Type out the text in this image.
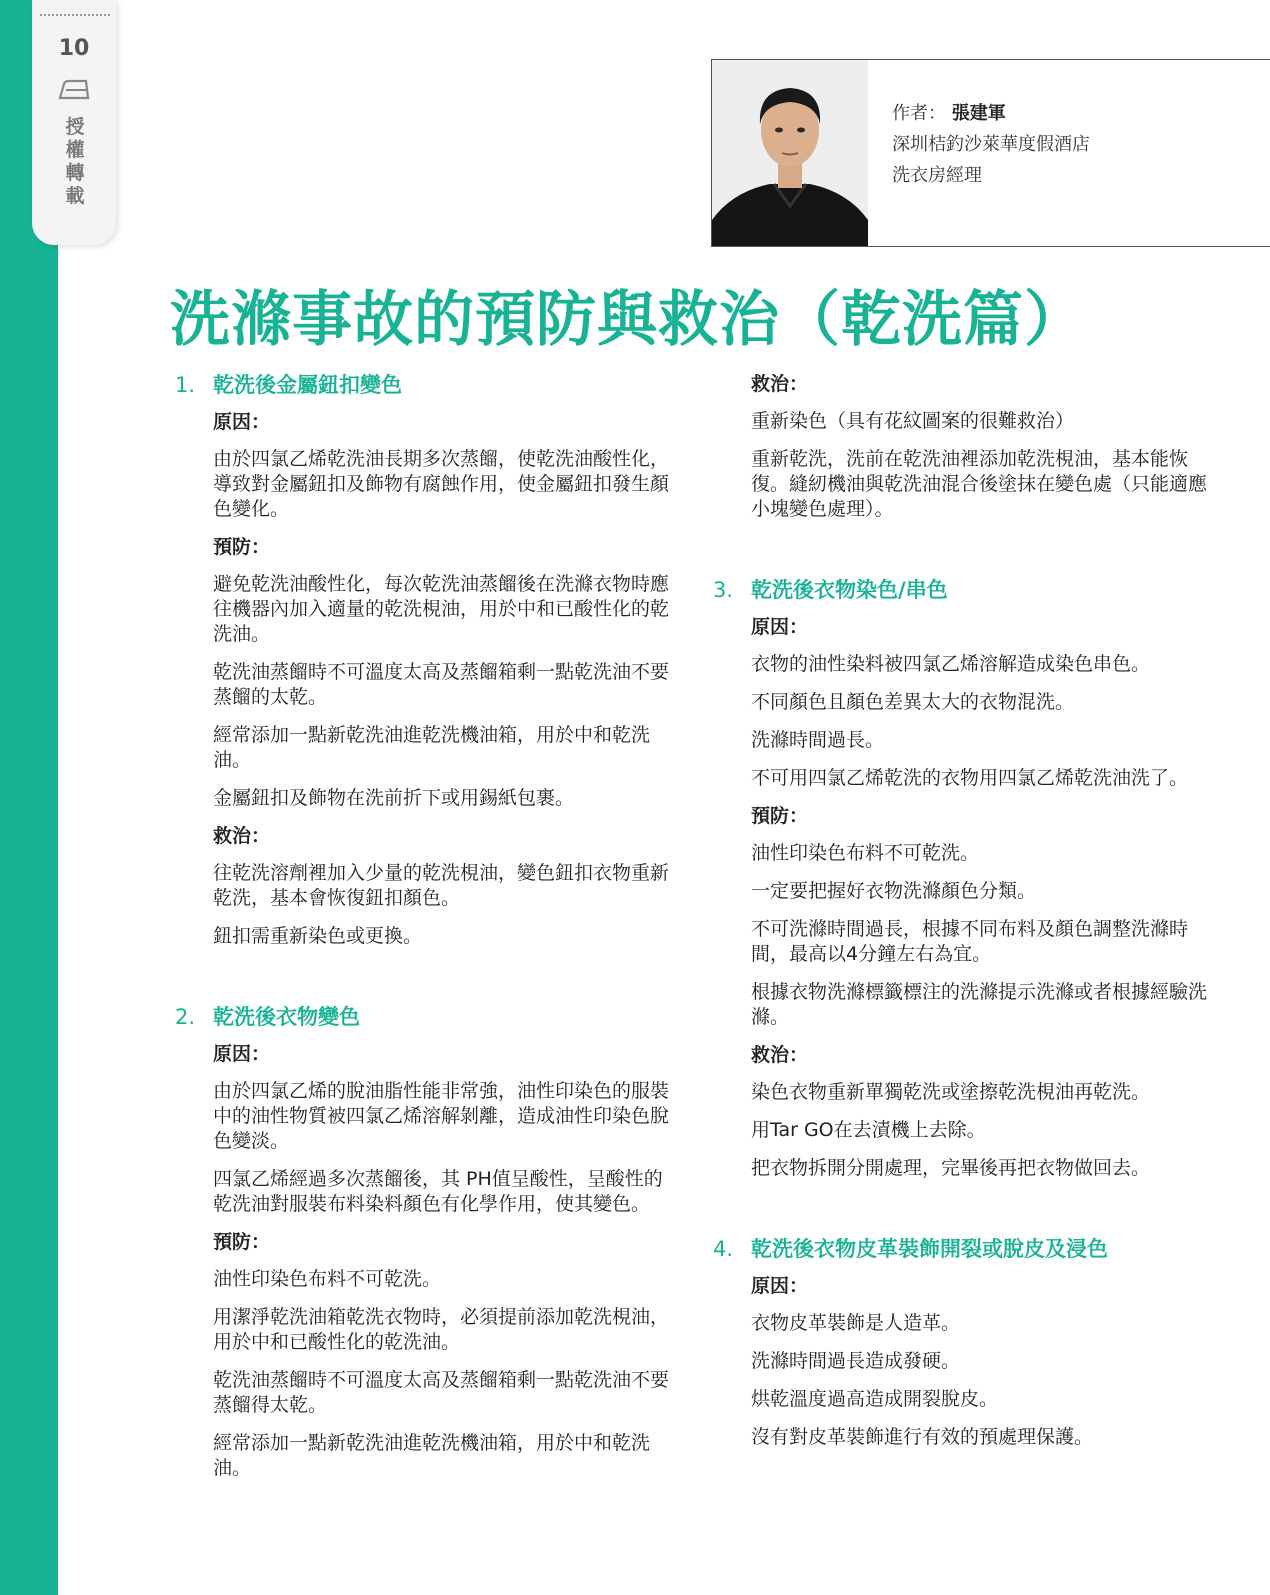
10
授
權
轉
載
作者： 張建軍
深圳桔釣沙萊華度假酒店
洗衣房經理
洗滌事故的預防與救治（乾洗篇）
1. 乾洗後金屬鈕扣變色
原因：
由於四氯乙烯乾洗油長期多次蒸餾，使乾洗油酸性化，導致對金屬鈕扣及飾物有腐蝕作用，使金屬鈕扣發生顏色變化。
預防：
避免乾洗油酸性化，每次乾洗油蒸餾後在洗滌衣物時應往機器內加入適量的乾洗梘油，用於中和已酸性化的乾洗油。
乾洗油蒸餾時不可溫度太高及蒸餾箱剩一點乾洗油不要蒸餾的太乾。
經常添加一點新乾洗油進乾洗機油箱，用於中和乾洗油。
金屬鈕扣及飾物在洗前折下或用錫紙包裹。
救治：
往乾洗溶劑裡加入少量的乾洗梘油，變色鈕扣衣物重新乾洗，基本會恢復鈕扣顏色。
鈕扣需重新染色或更換。
2. 乾洗後衣物變色
原因：
由於四氯乙烯的脫油脂性能非常強，油性印染色的服裝中的油性物質被四氯乙烯溶解剝離，造成油性印染色脫色變淡。
四氯乙烯經過多次蒸餾後，其 PH值呈酸性，呈酸性的乾洗油對服裝布料染料顏色有化學作用，使其變色。
預防：
油性印染色布料不可乾洗。
用潔淨乾洗油箱乾洗衣物時，必須提前添加乾洗梘油，用於中和已酸性化的乾洗油。
乾洗油蒸餾時不可溫度太高及蒸餾箱剩一點乾洗油不要蒸餾得太乾。
經常添加一點新乾洗油進乾洗機油箱，用於中和乾洗油。
救治：
重新染色（具有花紋圖案的很難救治）
重新乾洗，洗前在乾洗油裡添加乾洗梘油，基本能恢復。縫紉機油與乾洗油混合後塗抹在變色處（只能適應小塊變色處理）。
3. 乾洗後衣物染色/串色
原因：
衣物的油性染料被四氯乙烯溶解造成染色串色。
不同顏色且顏色差異太大的衣物混洗。
洗滌時間過長。
不可用四氯乙烯乾洗的衣物用四氯乙烯乾洗油洗了。
預防：
油性印染色布料不可乾洗。
一定要把握好衣物洗滌顏色分類。
不可洗滌時間過長，根據不同布料及顏色調整洗滌時間，最高以4分鐘左右為宜。
根據衣物洗滌標籤標注的洗滌提示洗滌或者根據經驗洗滌。
救治：
染色衣物重新單獨乾洗或塗擦乾洗梘油再乾洗。
用Tar GO在去漬機上去除。
把衣物拆開分開處理，完畢後再把衣物做回去。
4. 乾洗後衣物皮革裝飾開裂或脫皮及浸色
原因：
衣物皮革裝飾是人造革。
洗滌時間過長造成發硬。
烘乾溫度過高造成開裂脫皮。
沒有對皮革裝飾進行有效的預處理保護。
